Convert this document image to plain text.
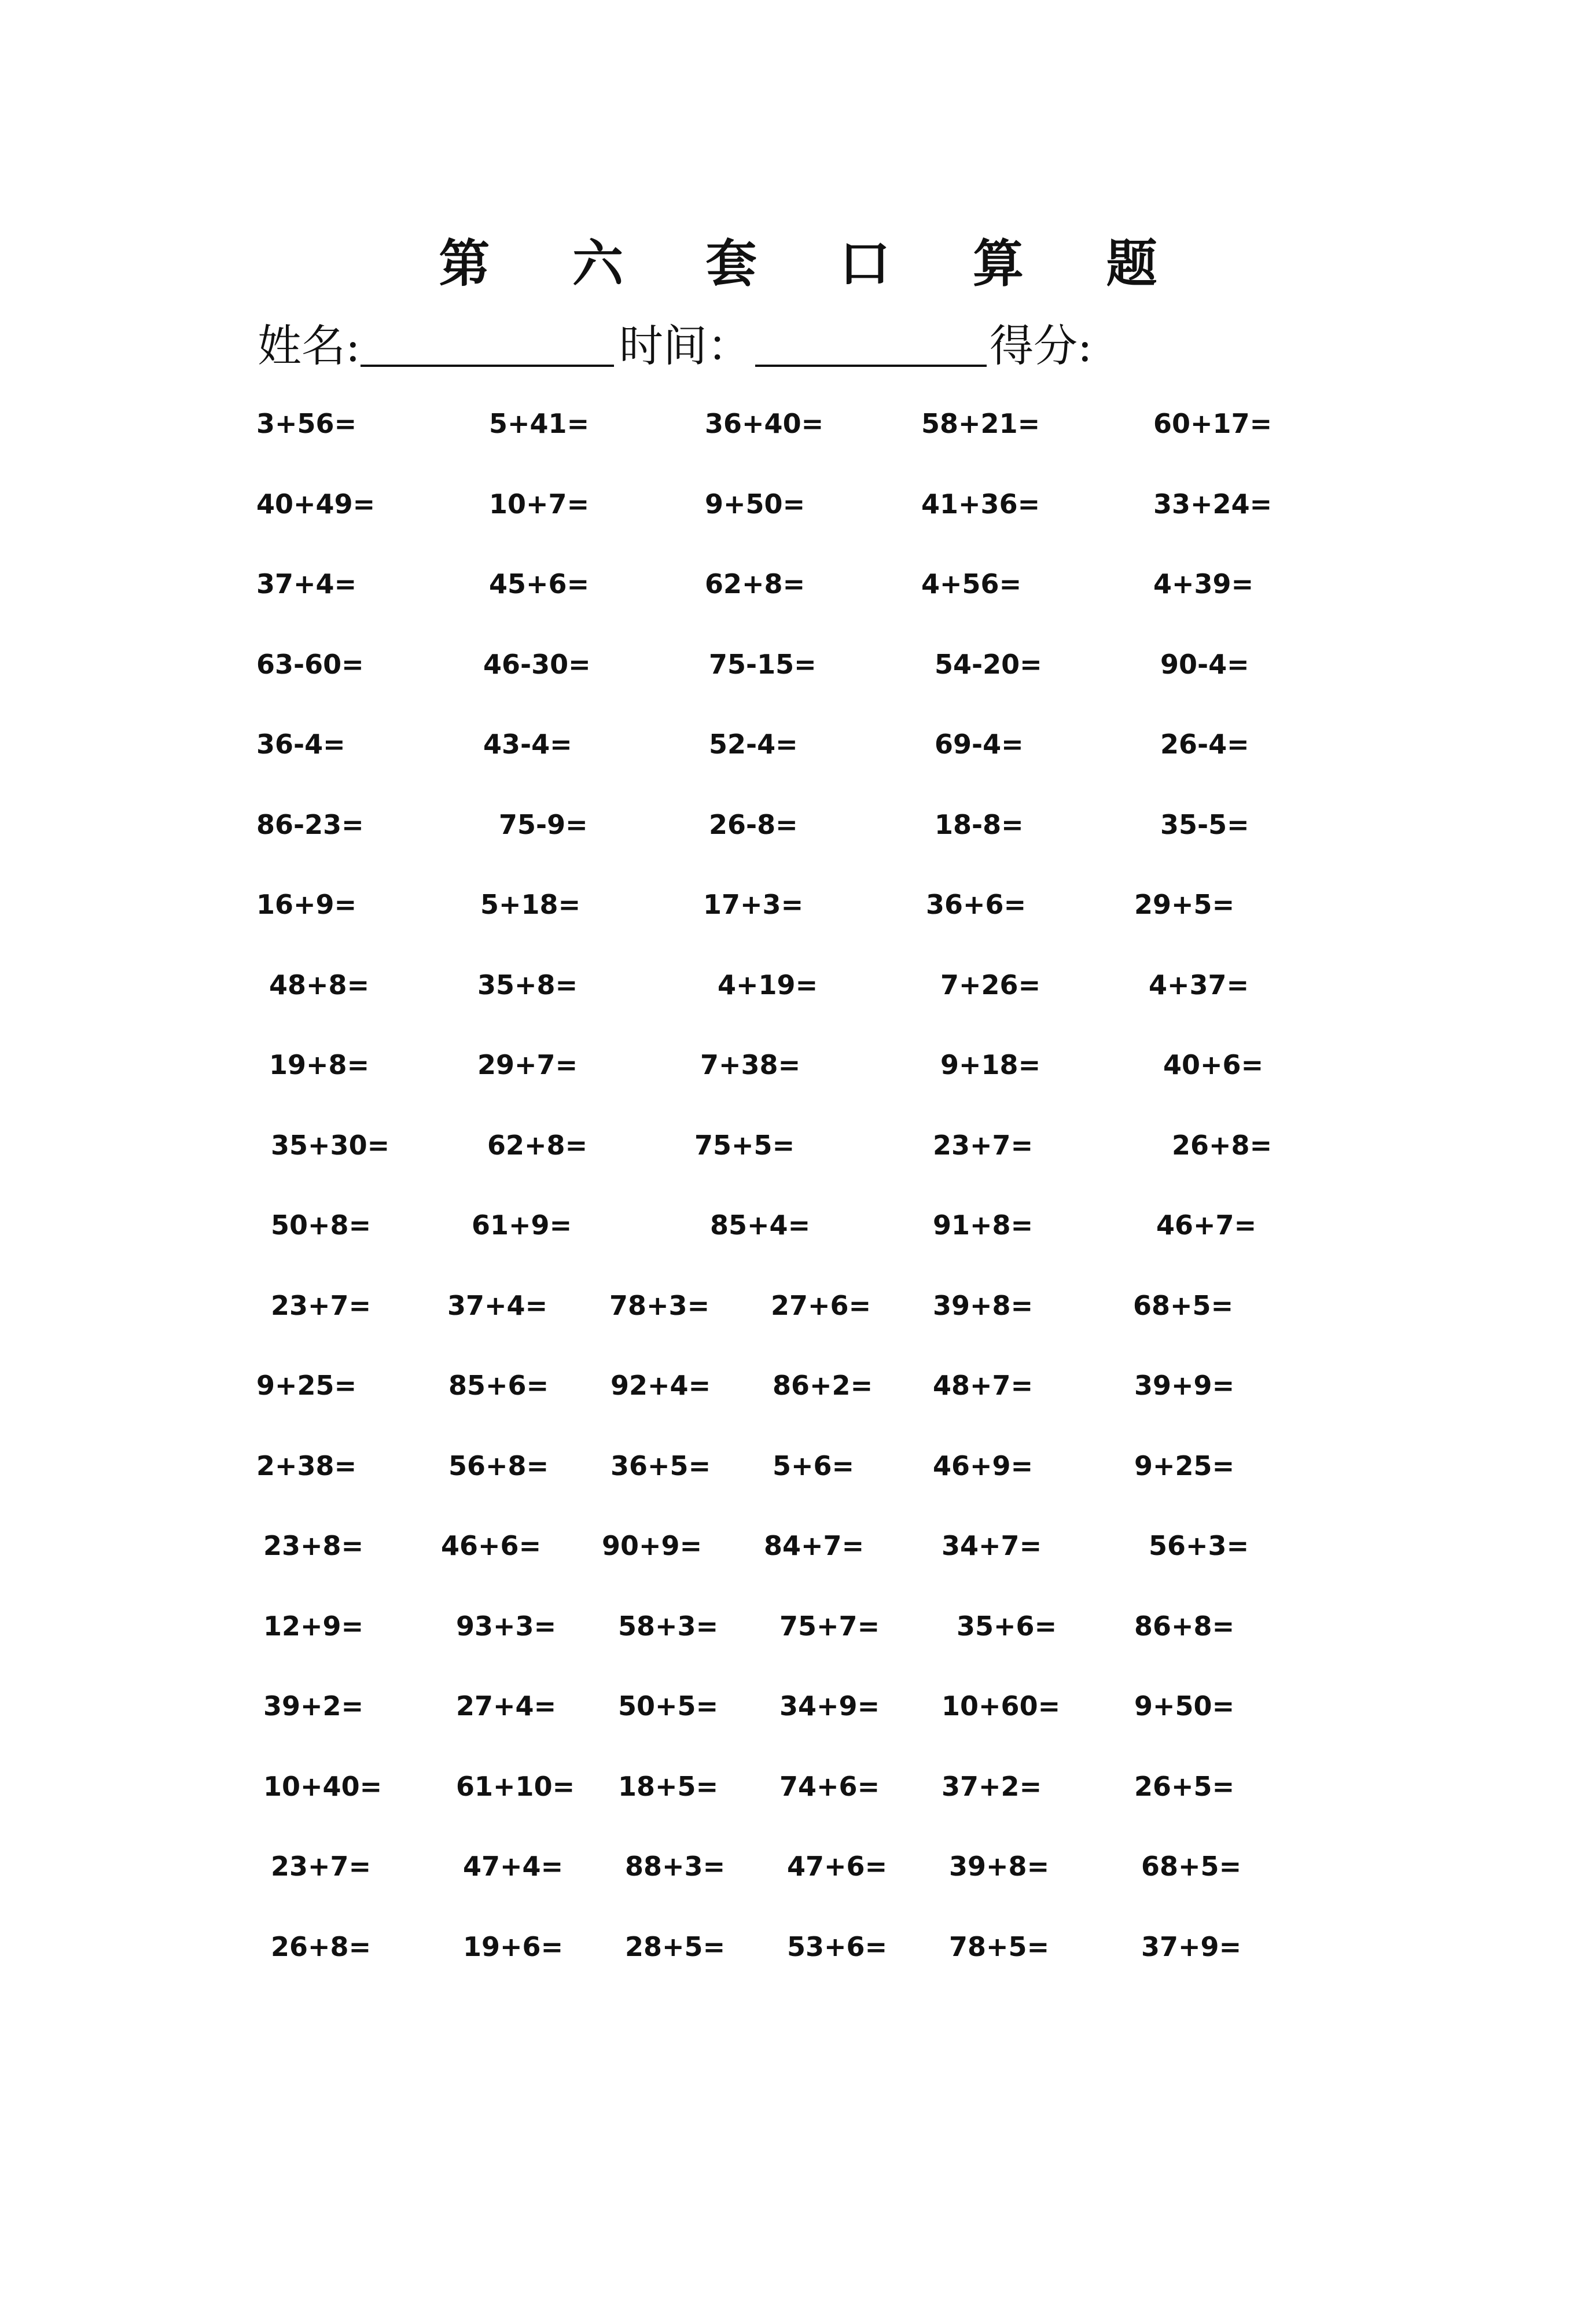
第 六 套 口 算 题
姓名:	时间：	得分:
3+56=	5+41=	36+40=	58+21=	60+17=
40+49=	10+7=	9+50=	41+36=	33+24=
37+4=	45+6=	62+8=	4+56=	4+39=
63-60=	46-30=	75-15=	54-20=	90-4=
36-4=	43-4=	52-4=	69-4=	26-4=
86-23=	75-9=	26-8=	18-8=	35-5=
16+9=	5+18=	17+3=	36+6=	29+5=
48+8=	35+8=	4+19=	7+26=	4+37=
19+8=	29+7=	7+38=	9+18=	40+6=
35+30=	62+8=	75+5=	23+7=	26+8=
50+8=	61+9=	85+4=	91+8=	46+7=
23+7=	37+4= 78+3= 27+6= 39+8=	68+5=
9+25=	85+6= 92+4= 86+2= 48+7=	39+9=
2+38=	56+8= 36+5= 5+6=	46+9=	9+25=
23+8=	46+6= 90+9= 84+7=	34+7=	56+3=
12+9=	93+3= 58+3= 75+7=	35+6=	86+8=
39+2=	27+4= 50+5= 34+9= 10+60=	9+50=
10+40=	61+10= 18+5= 74+6= 37+2=	26+5=
23+7=	47+4= 88+3= 47+6= 39+8=	68+5=
26+8=	19+6= 28+5= 53+6= 78+5=	37+9=
